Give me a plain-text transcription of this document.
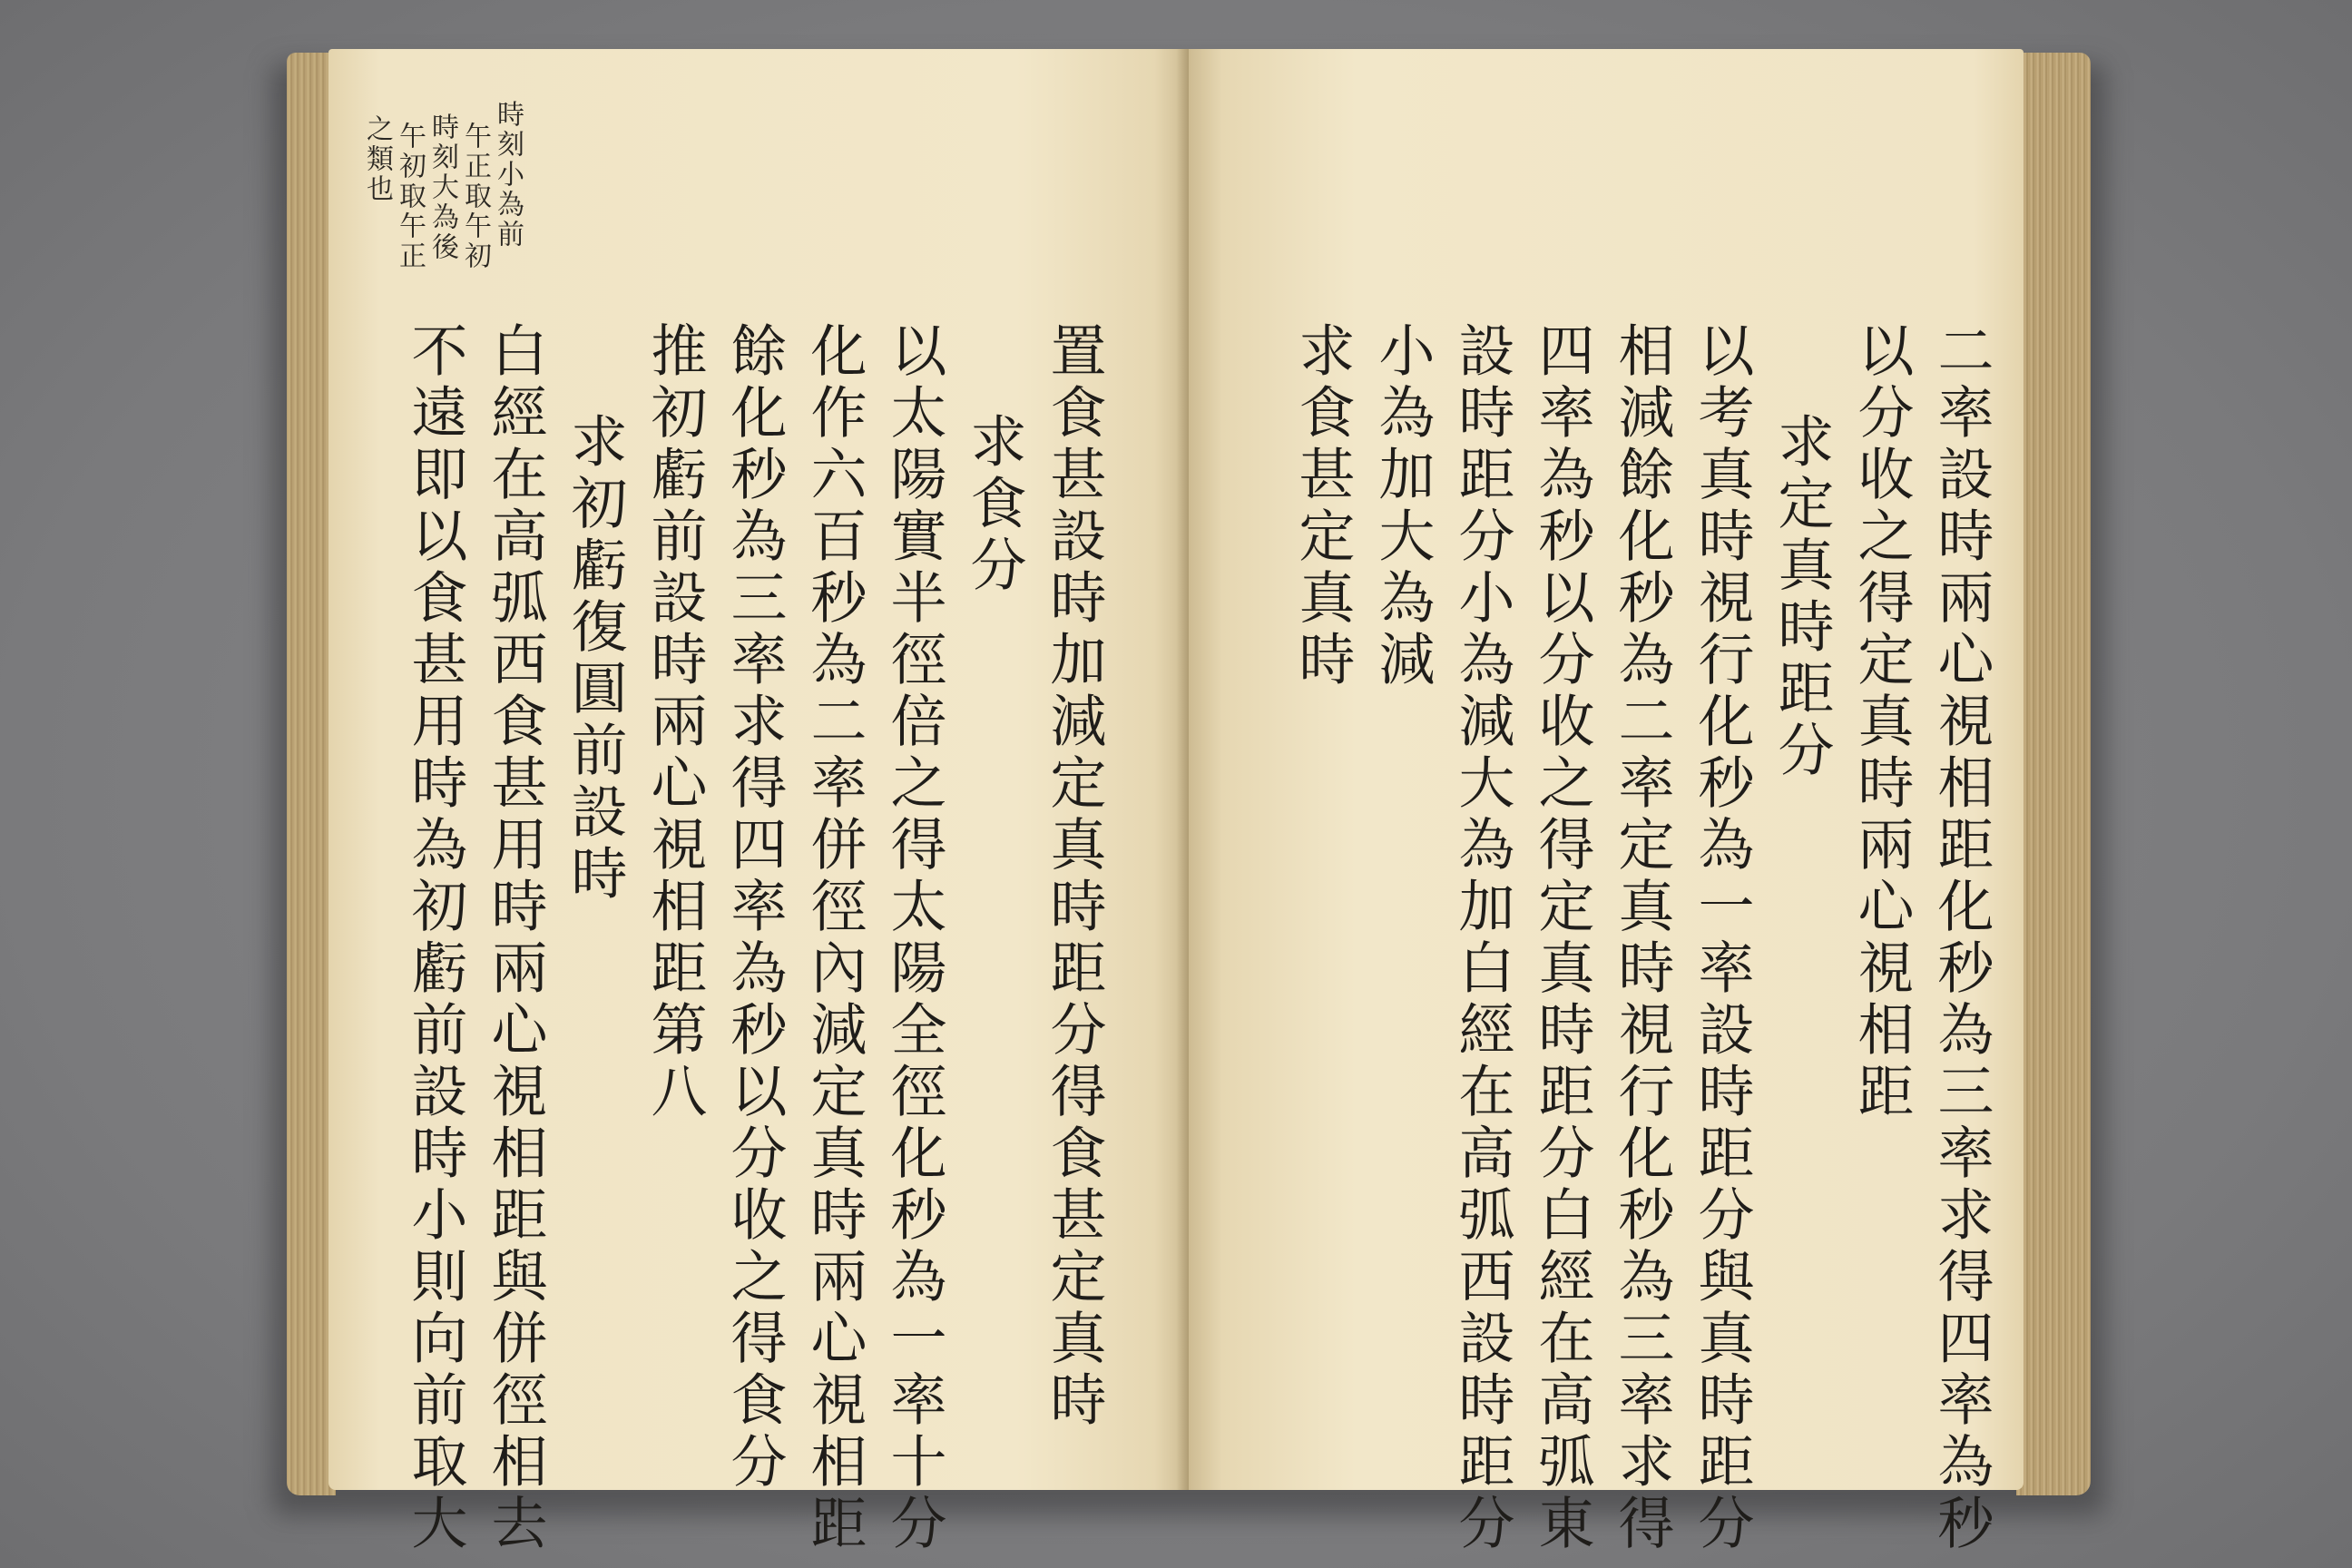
時刻小為前
午正取午初
時刻大為後
午初取午正
之類也
置食甚設時加減定真時距分得食甚定真時
求食分
以太陽實半徑倍之得太陽全徑化秒為一率十分
化作六百秒為二率併徑內減定真時兩心視相距
餘化秒為三率求得四率為秒以分收之得食分
推初虧前設時兩心視相距第八
求初虧復圓前設時
白經在高弧西食甚用時兩心視相距與併徑相去
不遠即以食甚用時為初虧前設時小則向前取大	二率設時兩心視相距化秒為三率求得四率為秒
以分收之得定真時兩心視相距
求定真時距分
以考真時視行化秒為一率設時距分與真時距分
相減餘化秒為二率定真時視行化秒為三率求得
四率為秒以分收之得定真時距分白經在高弧東
設時距分小為減大為加白經在高弧西設時距分
小為加大為減
求食甚定真時
